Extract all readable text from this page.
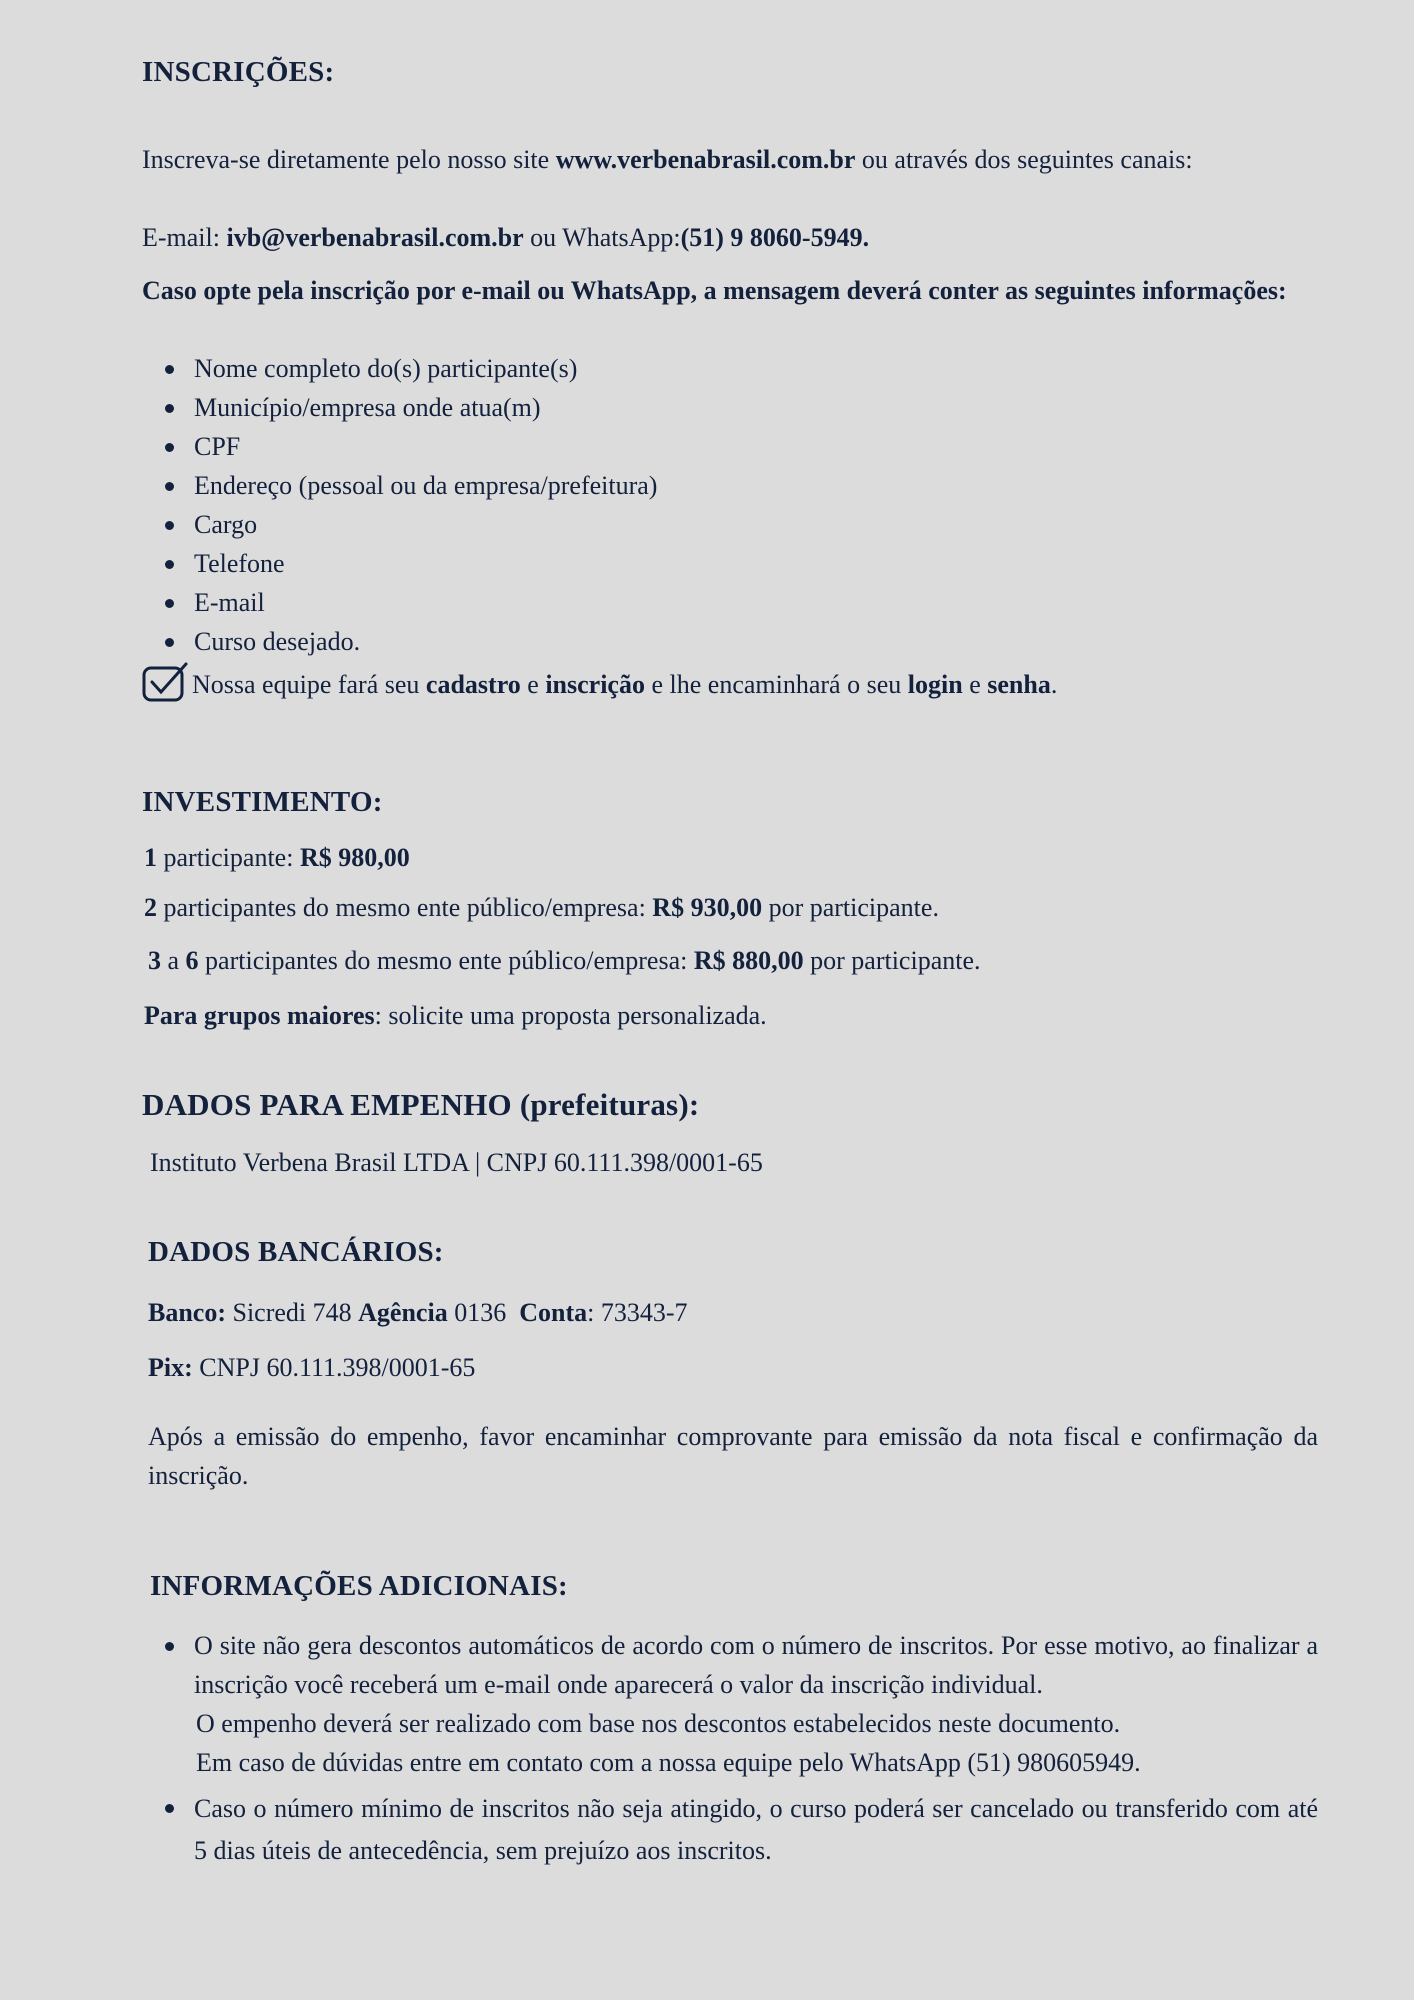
INSCRIÇÕES:
Inscreva-se diretamente pelo nosso site www.verbenabrasil.com.br ou através dos seguintes canais:
E-mail: ivb@verbenabrasil.com.br ou WhatsApp:(51) 9 8060-5949.
Caso opte pela inscrição por e-mail ou WhatsApp, a mensagem deverá conter as seguintes informações:
Nome completo do(s) participante(s)
Município/empresa onde atua(m)
CPF
Endereço (pessoal ou da empresa/prefeitura)
Cargo
Telefone
E-mail
Curso desejado.
Nossa equipe fará seu cadastro e inscrição e lhe encaminhará o seu login e senha.
INVESTIMENTO:
1 participante: R$ 980,00
2 participantes do mesmo ente público/empresa: R$ 930,00 por participante.
3 a 6 participantes do mesmo ente público/empresa: R$ 880,00 por participante.
Para grupos maiores: solicite uma proposta personalizada.
DADOS PARA EMPENHO (prefeituras):
Instituto Verbena Brasil LTDA | CNPJ 60.111.398/0001-65
DADOS BANCÁRIOS:
Banco: Sicredi 748 Agência 0136 Conta: 73343-7
Pix: CNPJ 60.111.398/0001-65
Após a emissão do empenho, favor encaminhar comprovante para emissão da nota fiscal e confirmação da inscrição.
INFORMAÇÕES ADICIONAIS:
O site não gera descontos automáticos de acordo com o número de inscritos. Por esse motivo, ao finalizar a inscrição você receberá um e-mail onde aparecerá o valor da inscrição individual.
O empenho deverá ser realizado com base nos descontos estabelecidos neste documento.
Em caso de dúvidas entre em contato com a nossa equipe pelo WhatsApp (51) 980605949.
Caso o número mínimo de inscritos não seja atingido, o curso poderá ser cancelado ou transferido com até 5 dias úteis de antecedência, sem prejuízo aos inscritos.
